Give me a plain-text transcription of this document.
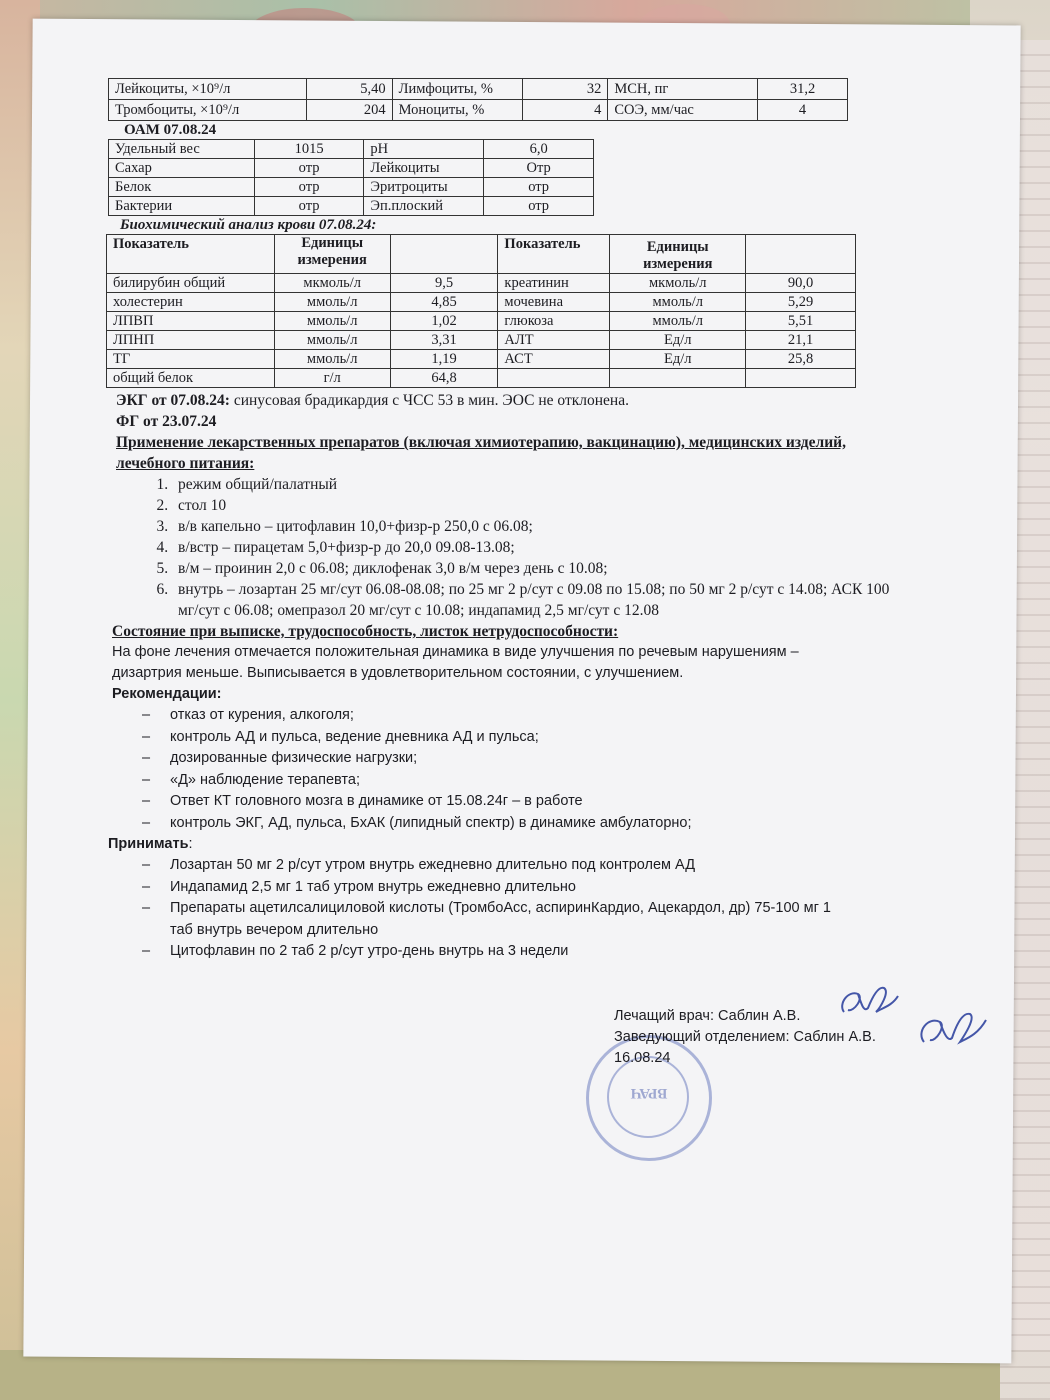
Лейкоциты, ×10⁹/л	5,40	Лимфоциты, %	32	МСН, пг	31,2
Тромбоциты, ×10⁹/л	204	Моноциты, %	4	СОЭ, мм/час	4

ОАМ 07.08.24

Удельный вес	1015	pH	6,0
Сахар	отр	Лейкоциты	Отр
Белок	отр	Эритроциты	отр
Бактерии	отр	Эп.плоский	отр

Биохимический анализ крови 07.08.24:

Показатель	Единицы измерения		Показатель	Единицы измерения	
билирубин общий	мкмоль/л	9,5	креатинин	мкмоль/л	90,0
холестерин	ммоль/л	4,85	мочевина	ммоль/л	5,29
ЛПВП	ммоль/л	1,02	глюкоза	ммоль/л	5,51
ЛПНП	ммоль/л	3,31	АЛТ	Ед/л	21,1
ТГ	ммоль/л	1,19	АСТ	Ед/л	25,8
общий белок	г/л	64,8			

ЭКГ от 07.08.24: синусовая брадикардия с ЧСС 53 в мин. ЭОС не отклонена.

ФГ от 23.07.24

Применение лекарственных препаратов (включая химиотерапию, вакцинацию), медицинских изделий, лечебного питания:

1. режим общий/палатный
2. стол 10
3. в/в капельно – цитофлавин 10,0+физр-р 250,0 с 06.08;
4. в/встр – пирацетам 5,0+физр-р до 20,0 09.08-13.08;
5. в/м – проинин 2,0 с 06.08; диклофенак 3,0 в/м через день с 10.08;
6. внутрь – лозартан 25 мг/сут 06.08-08.08; по 25 мг 2 р/сут с 09.08 по 15.08; по 50 мг 2 р/сут с 14.08; АСК 100 мг/сут с 06.08; омепразол 20 мг/сут с 10.08; индапамид 2,5 мг/сут с 12.08

Состояние при выписке, трудоспособность, листок нетрудоспособности:

На фоне лечения отмечается положительная динамика в виде улучшения по речевым нарушениям – дизартрия меньше. Выписывается в удовлетворительном состоянии, с улучшением.

Рекомендации:

– отказ от курения, алкоголя;
– контроль АД и пульса, ведение дневника АД и пульса;
– дозированные физические нагрузки;
– «Д» наблюдение терапевта;
– Ответ КТ головного мозга в динамике от 15.08.24г – в работе
– контроль ЭКГ, АД, пульса, БхАК (липидный спектр) в динамике амбулаторно;

Принимать:

– Лозартан 50 мг 2 р/сут утром внутрь ежедневно длительно под контролем АД
– Индапамид 2,5 мг 1 таб утром внутрь ежедневно длительно
– Препараты ацетилсалициловой кислоты (ТромбоАсс, аспиринКардио, Ацекардол, др) 75-100 мг 1 таб внутрь вечером длительно
– Цитофлавин по 2 таб 2 р/сут утро-день внутрь на 3 недели
ВРАЧ
Лечащий врач: Саблин А.В.
Заведующий отделением: Саблин А.В.
16.08.24
